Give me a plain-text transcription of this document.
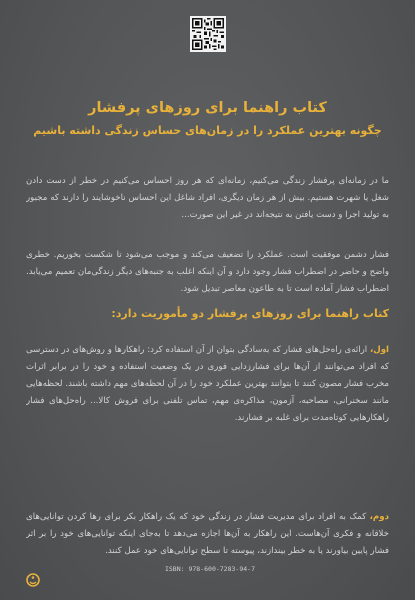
کتاب راهنما برای روزهای پرفشار
چگونه بهترین عملکرد را در زمان‌های حساس زندگی داشته باشیم

ما در زمانه‌ای پرفشار زندگی می‌کنیم، زمانه‌ای که هر روز احساس می‌کنیم در خطر از دست دادن شغل یا شهرت هستیم. بیش از هر زمان دیگری، افراد شاغل این احساس ناخوشایند را دارند که مجبور به تولید اجرا و دست یافتن به نتیجه‌اند در غیر این صورت...

فشار دشمن موفقیت است. عملکرد را تضعیف می‌کند و موجب می‌شود تا شکست بخوریم. خطری واضح و حاضر در اضطراب فشار وجود دارد و آن اینکه اغلب به جنبه‌های دیگر زندگی‌مان تعمیم می‌یابد. اضطراب فشار آماده است تا به طاعون معاصر تبدیل شود.

کتاب راهنما برای روزهای پرفشار دو مأموریت دارد:

اول، ارائه‌ی راه‌حل‌های فشار که به‌سادگی بتوان از آن استفاده کرد: راهکارها و روش‌های در دسترسی که افراد می‌توانند از آن‌ها برای فشارزدایی فوری در یک وضعیت استفاده و خود را در برابر اثرات مخرب فشار مصون کنند تا بتوانند بهترین عملکرد خود را در آن لحظه‌های مهم داشته باشند. لحظه‌هایی مانند سخنرانی، مصاحبه، آزمون، مذاکره‌ی مهم، تماس تلفنی برای فروش کالا... راه‌حل‌های فشار راهکارهایی کوتاه‌مدت برای غلبه بر فشارند.

دوم، کمک به افراد برای مدیریت فشار در زندگی خود که یک راهکار بکر برای رها کردن توانایی‌های خلاقانه و فکری آن‌هاست. این راهکار به آن‌ها اجازه می‌دهد تا به‌جای اینکه توانایی‌های خود را بر اثر فشار پایین بیاورند یا به خطر بیندازند، پیوسته تا سطح توانایی‌های خود عمل کنند.

ISBN: 978-600-7283-94-7
